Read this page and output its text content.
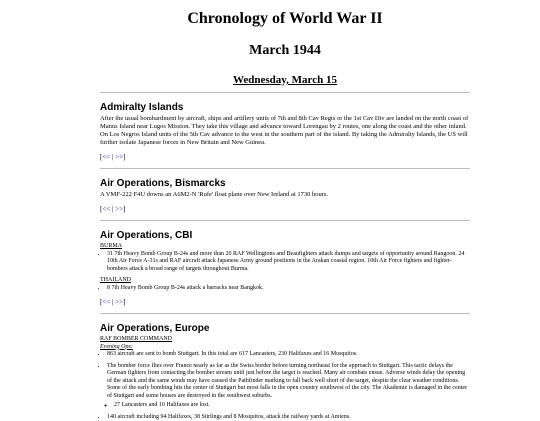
Chronology of World War II
March 1944
Wednesday, March 15
Admiralty Islands

After the usual bombardment by aircraft, ships and artillery units of 7th and 8th Cav Regts or the 1st Cav Div are landed on the north coast of Manus Island near Lugos Mission. They take this village and advance toward Lorengau by 2 routes, one along the coast and the other inland. On Los Negros Island units of the 5th Cav advance to the west in the southern part of the island. By taking the Admiralty Islands, the US will further isolate Japanese forces in New Britain and New Guinea.

[<< | >>]
Air Operations, Bismarcks

A VMF-222 F4U downs an A6M2-N 'Rufe' float plane over New Ireland at 1730 hours.

[<< | >>]
Air Operations, CBI
BURMA
• 31 7th Heavy Bomb Group B-24s and more than 20 RAF Wellingtons and Beaufighters attack dumps and targets of opportunity around Rangoon. 24 10th Air Force A-31s and RAF aircraft attack Japanese Army ground positions in the Arakan coastal region. 10th Air Force fighters and fighter-bombers attack a broad range of targets throughout Burma.
THAILAND
• 8 7th Heavy Bomb Group B-24s attack a barracks near Bangkok.
[<< | >>]
Air Operations, Europe
RAF BOMBER COMMAND
Evening Ops:
• 863 aircraft are sent to bomb Stuttgart. In this total are 617 Lancasters, 230 Halifaxes and 16 Mosquitos.
• The bomber force flies over France nearly as far as the Swiss border before turning northeast for the approach to Stuttgart. This tactic delays the German fighters from contacting the bomber stream until just before the target is reached. Many air combats ensue. Adverse winds delay the opening of the attack and the same winds may have caused the Pathfinder marking to fall back well short of the target, despite the clear weather conditions. Some of the early bombing hits the center of Stuttgart but most falls in the open country southwest of the city. The Akademie is damaged in the center of Stuttgart and some houses are destroyed in the southwest suburbs.
◦ 27 Lancasters and 10 Halifaxes are lost.
• 140 aircraft including 94 Halifaxes, 38 Stirlings and 8 Mosquitos, attack the railway yards at Amiens.
